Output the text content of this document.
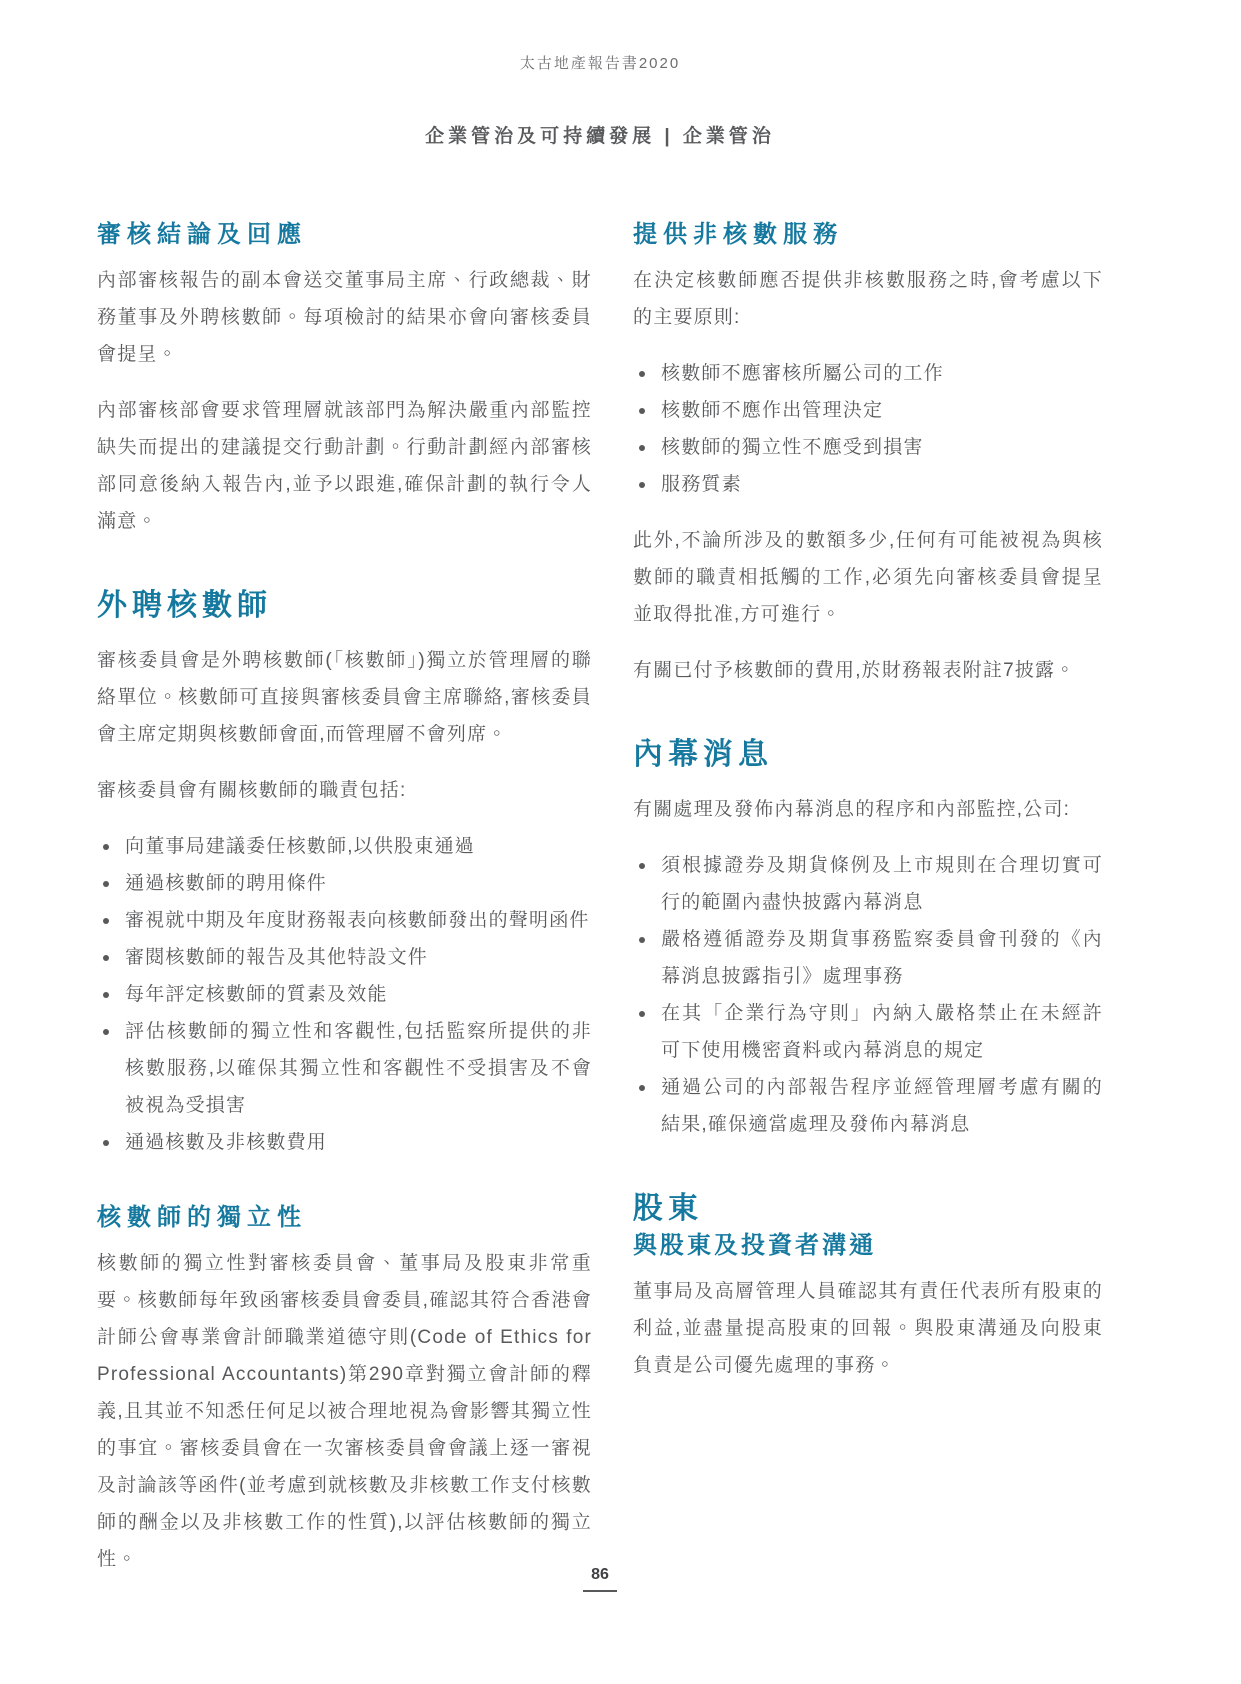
太古地產報告書2020
企業管治及可持續發展 | 企業管治
審核結論及回應

內部審核報告的副本會送交董事局主席、行政總裁、財務董事及外聘核數師。每項檢討的結果亦會向審核委員會提呈。

內部審核部會要求管理層就該部門為解決嚴重內部監控缺失而提出的建議提交行動計劃。行動計劃經內部審核部同意後納入報告內,並予以跟進,確保計劃的執行令人滿意。

外聘核數師

審核委員會是外聘核數師(「核數師」)獨立於管理層的聯絡單位。核數師可直接與審核委員會主席聯絡,審核委員會主席定期與核數師會面,而管理層不會列席。

審核委員會有關核數師的職責包括:

向董事局建議委任核數師,以供股東通過
通過核數師的聘用條件
審視就中期及年度財務報表向核數師發出的聲明函件
審閱核數師的報告及其他特設文件
每年評定核數師的質素及效能
評估核數師的獨立性和客觀性,包括監察所提供的非核數服務,以確保其獨立性和客觀性不受損害及不會被視為受損害
通過核數及非核數費用
核數師的獨立性

核數師的獨立性對審核委員會、董事局及股東非常重要。核數師每年致函審核委員會委員,確認其符合香港會計師公會專業會計師職業道德守則(Code of Ethics for Professional Accountants)第290章對獨立會計師的釋義,且其並不知悉任何足以被合理地視為會影響其獨立性的事宜。審核委員會在一次審核委員會會議上逐一審視及討論該等函件(並考慮到就核數及非核數工作支付核數師的酬金以及非核數工作的性質),以評估核數師的獨立性。

提供非核數服務

在決定核數師應否提供非核數服務之時,會考慮以下的主要原則:

核數師不應審核所屬公司的工作
核數師不應作出管理決定
核數師的獨立性不應受到損害
服務質素

此外,不論所涉及的數額多少,任何有可能被視為與核數師的職責相抵觸的工作,必須先向審核委員會提呈並取得批准,方可進行。

有關已付予核數師的費用,於財務報表附註7披露。

內幕消息

有關處理及發佈內幕消息的程序和內部監控,公司:

須根據證券及期貨條例及上市規則在合理切實可行的範圍內盡快披露內幕消息
嚴格遵循證券及期貨事務監察委員會刊發的《內幕消息披露指引》處理事務
在其「企業行為守則」內納入嚴格禁止在未經許可下使用機密資料或內幕消息的規定
通過公司的內部報告程序並經管理層考慮有關的結果,確保適當處理及發佈內幕消息
股東
與股東及投資者溝通

董事局及高層管理人員確認其有責任代表所有股東的利益,並盡量提高股東的回報。與股東溝通及向股東負責是公司優先處理的事務。

86
